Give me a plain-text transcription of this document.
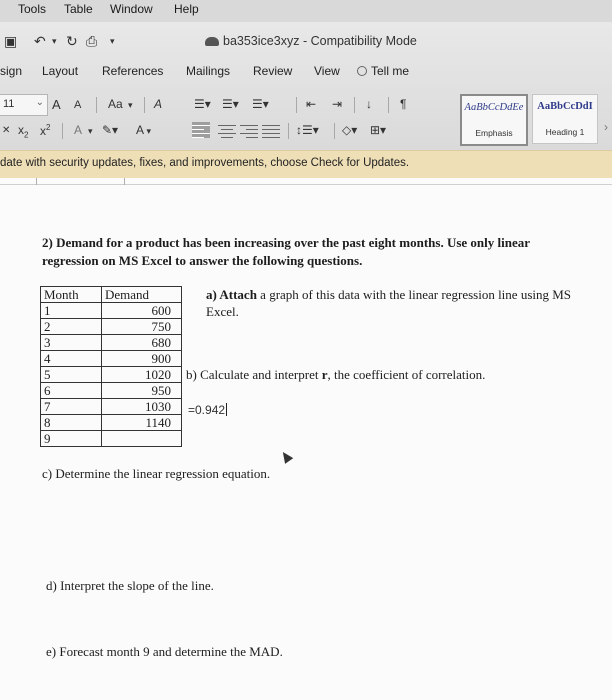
Tools Table Window Help
▣ ↶ ▾ ↻ ⎙ ▾	ba353ice3xyz - Compatibility Mode
sign Layout References Mailings Review View	Tell me
11 ⌄ A A Aa ▾ A	☰▾ ☰▾ ☰▾	⇤ ⇥ ↓ ¶
✕ $x_2$ $x^2$ A ▾ ✎▾ A ▾	↕☰▾ ◇▾ ⊞▾
AaBbCcDdEe
Emphasis
AaBbCcDdI
Heading 1	›
date with security updates, fixes, and improvements, choose Check for Updates.
2) Demand for a product has been increasing over the past eight months. Use only linear regression on MS Excel to answer the following questions.
Month	Demand
1	600
2	750
3	680
4	900
5	1020
6	950
7	1030
8	1140
9	
a) Attach a graph of this data with the linear regression line using MS Excel.
b) Calculate and interpret r, the coefficient of correlation.
=0.942
c) Determine the linear regression equation.
d) Interpret the slope of the line.
e) Forecast month 9 and determine the MAD.
